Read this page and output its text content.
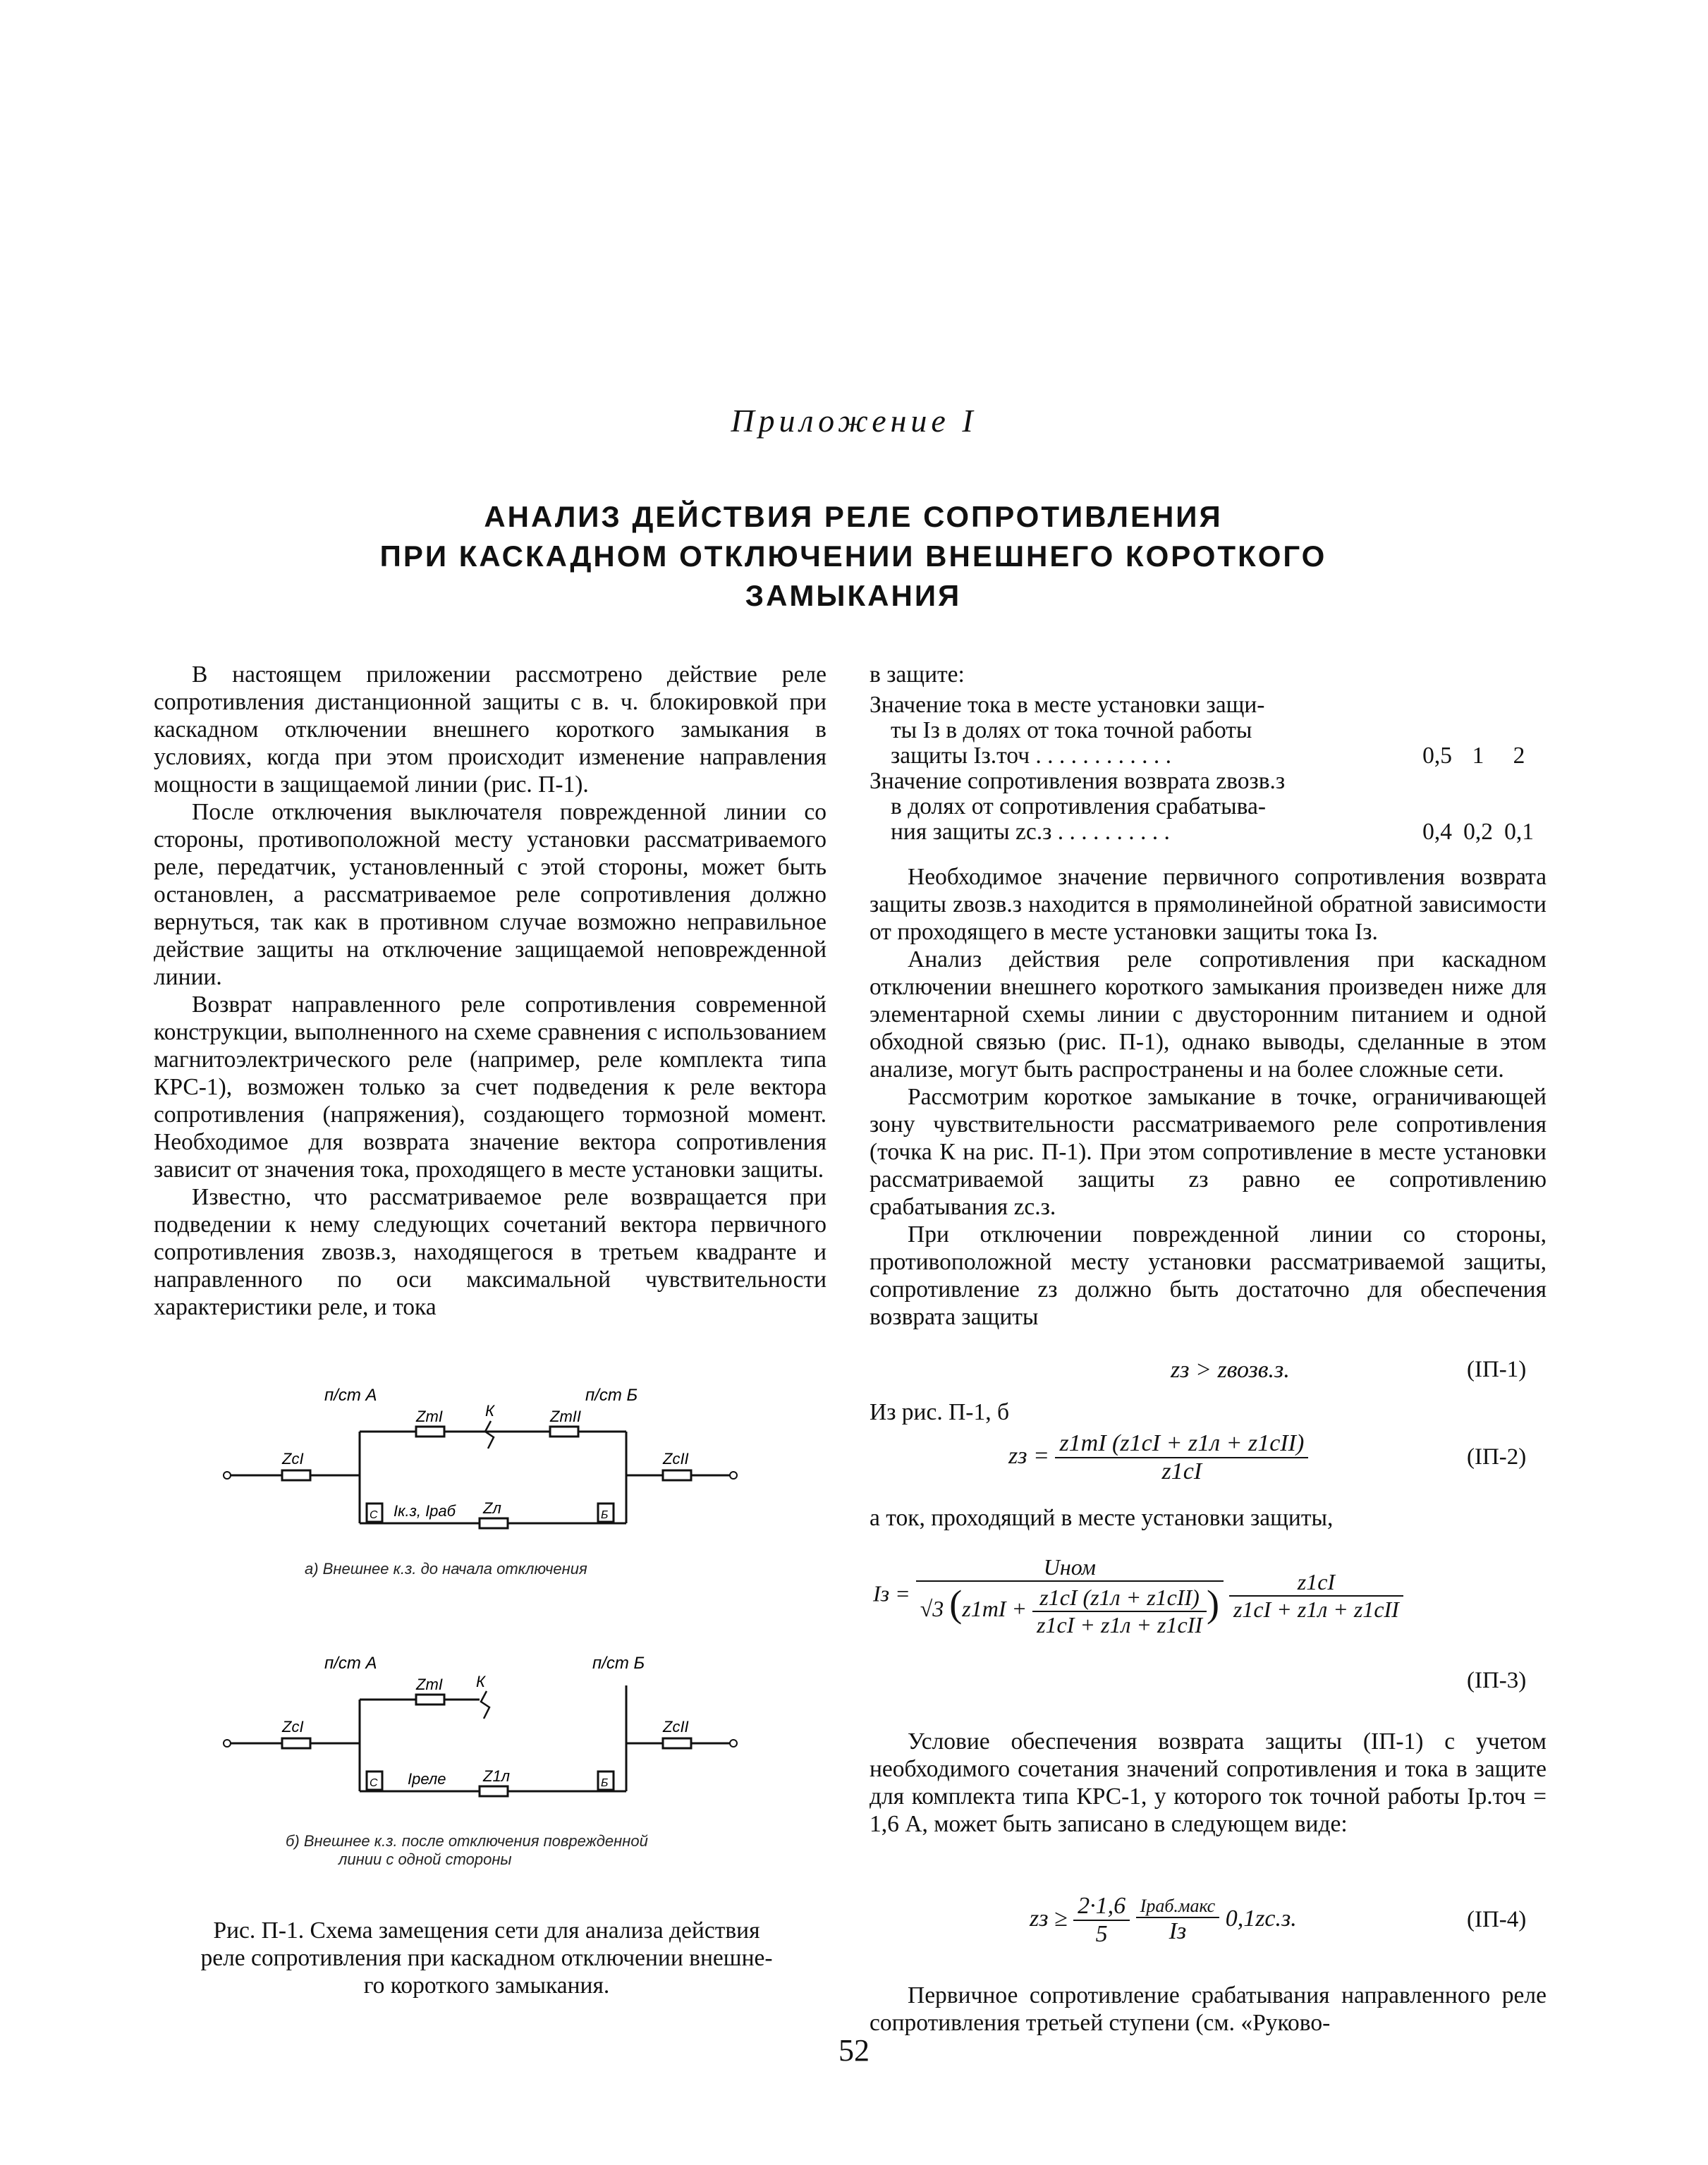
Приложение I
АНАЛИЗ ДЕЙСТВИЯ РЕЛЕ СОПРОТИВЛЕНИЯ
ПРИ КАСКАДНОМ ОТКЛЮЧЕНИИ ВНЕШНЕГО КОРОТКОГО
ЗАМЫКАНИЯ

В настоящем приложении рассмотрено действие реле сопротивления дистанционной защиты с в. ч. блокировкой при каскадном отключении внешнего короткого замыкания в условиях, когда при этом происходит изменение направления мощности в защищаемой линии (рис. П-1).

После отключения выключателя поврежденной линии со стороны, противоположной месту установки рассматриваемого реле, передатчик, установленный с этой стороны, может быть остановлен, а рассматриваемое реле сопротивления должно вернуться, так как в противном случае возможно неправильное действие защиты на отключение защищаемой неповрежденной линии.

Возврат направленного реле сопротивления современной конструкции, выполненного на схеме сравнения с использованием магнитоэлектрического реле (например, реле комплекта типа КРС-1), возможен только за счет подведения к реле вектора сопротивления (напряжения), создающего тормозной момент. Необходимое для возврата значение вектора сопротивления зависит от значения тока, проходящего в месте установки защиты.

Известно, что рассматриваемое реле возвращается при подведении к нему следующих сочетаний вектора первичного сопротивления zвозв.з, находящегося в третьем квадранте и направленного по оси максимальной чувствительности характеристики реле, и тока

п/ст А	п/ст Б
ZсI
ZтI	К	ZтII
ZсII
Iк.з, Iраб Zл
С	Б
а) Внешнее к.з. до начала отключения
п/ст А	п/ст Б
ZсI
ZтI К
ZсII
Iреле Z1л
С	Б
б) Внешнее к.з. после отключения поврежденной
линии с одной стороны
Рис. П-1. Схема замещения сети для анализа действия
реле сопротивления при каскадном отключении внешне-
го короткого замыкания.

в защите:

Значение тока в месте установки защи-
ты Iз в долях от тока точной работы
защиты Iз.точ . . . . . . . . . . . .	0,5	1	2
Значение сопротивления возврата zвозв.з
в долях от сопротивления срабатыва-
ния защиты zс.з . . . . . . . . . .	0,4	0,2	0,1

Необходимое значение первичного сопротивления возврата защиты zвозв.з находится в прямолинейной обратной зависимости от проходящего в месте установки защиты тока Iз.

Анализ действия реле сопротивления при каскадном отключении внешнего короткого замыкания произведен ниже для элементарной схемы линии с двусторонним питанием и одной обходной связью (рис. П-1), однако выводы, сделанные в этом анализе, могут быть распространены и на более сложные сети.

Рассмотрим короткое замыкание в точке, ограничивающей зону чувствительности рассматриваемого реле сопротивления (точка К на рис. П-1). При этом сопротивление в месте установки рассматриваемой защиты zз равно ее сопротивлению срабатывания zс.з.

При отключении поврежденной линии со стороны, противоположной месту установки рассматриваемой защиты, сопротивление zз должно быть достаточно для обеспечения возврата защиты

zз > zвозв.з.	(IП-1)
Из рис. П-1, б
zз = $\frac{\text{z1mI (z1cI + z1л + z1cII)}}{z1cI}$	(IП-2)
а ток, проходящий в месте установки защиты,
Iз =
Uном
√3 ($z1mI + \frac{\text{z1cI (z1л + z1cII)}}{\text{z1cI + z1л + z1cII}}$ )
$\frac{z1cI}{\text{z1cI + z1л + z1cII}}$
(IП-3)

Условие обеспечения возврата защиты (IП-1) с учетом необходимого сочетания значений сопротивления и тока в защите для комплекта типа КРС-1, у которого ток точной работы Iр.точ = 1,6 А, может быть записано в следующем виде:

zз ≥ $\frac{2\cdot 1,6}{5}$
$\frac{\text{Iраб.макс}}{Iз} 0,1zс.з$.	(IП-4)

Первичное сопротивление срабатывания направленного реле сопротивления третьей ступени (см. «Руково-

52
